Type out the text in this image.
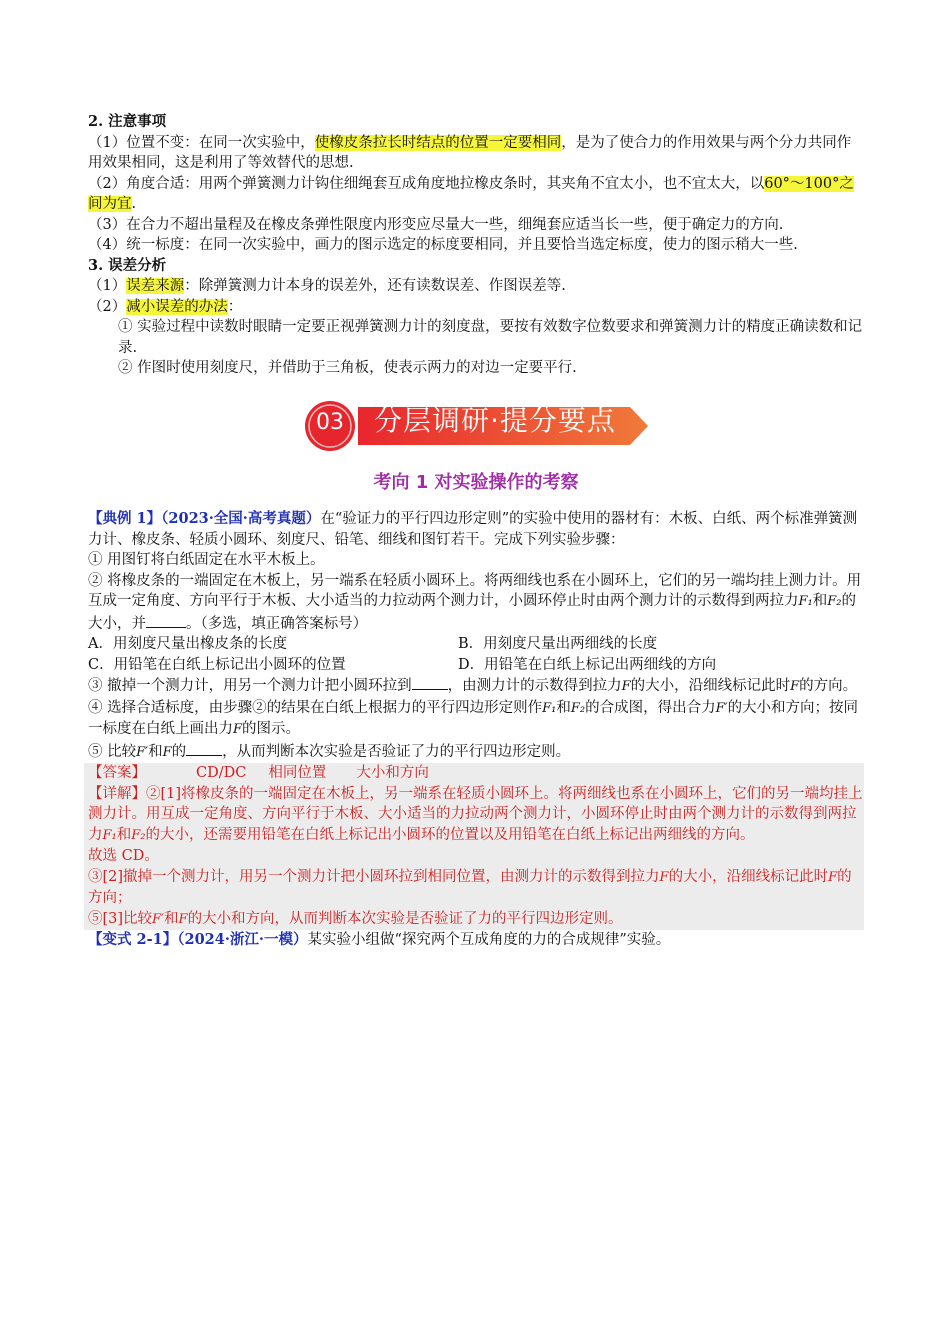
2. 注意事项

（1）位置不变：在同一次实验中，使橡皮条拉长时结点的位置一定要相同，是为了使合力的作用效果与两个分力共同作用效果相同，这是利用了等效替代的思想.

（2）角度合适：用两个弹簧测力计钩住细绳套互成角度地拉橡皮条时，其夹角不宜太小，也不宜太大，以60°～100°之间为宜.

（3）在合力不超出量程及在橡皮条弹性限度内形变应尽量大一些，细绳套应适当长一些，便于确定力的方向.

（4）统一标度：在同一次实验中，画力的图示选定的标度要相同，并且要恰当选定标度，使力的图示稍大一些.

3. 误差分析

（1）误差来源：除弹簧测力计本身的误差外，还有读数误差、作图误差等.

（2）减小误差的办法：

① 实验过程中读数时眼睛一定要正视弹簧测力计的刻度盘，要按有效数字位数要求和弹簧测力计的精度正确读数和记录.

② 作图时使用刻度尺，并借助于三角板，使表示两力的对边一定要平行.

03 分层调研·提分要点
考向 1 对实验操作的考察

【典例 1】（2023·全国·高考真题）在“验证力的平行四边形定则”的实验中使用的器材有：木板、白纸、两个标准弹簧测力计、橡皮条、轻质小圆环、刻度尺、铅笔、细线和图钉若干。完成下列实验步骤：

① 用图钉将白纸固定在水平木板上。

② 将橡皮条的一端固定在木板上，另一端系在轻质小圆环上。将两细线也系在小圆环上，它们的另一端均挂上测力计。用互成一定角度、方向平行于木板、大小适当的力拉动两个测力计，小圆环停止时由两个测力计的示数得到两拉力F₁和F₂的大小，并	。（多选，填正确答案标号）

A．用刻度尺量出橡皮条的长度	B．用刻度尺量出两细线的长度
C．用铅笔在白纸上标记出小圆环的位置	D．用铅笔在白纸上标记出两细线的方向

③ 撤掉一个测力计，用另一个测力计把小圆环拉到 ，由测力计的示数得到拉力F的大小，沿细线标记此时F的方向。

④ 选择合适标度，由步骤②的结果在白纸上根据力的平行四边形定则作F₁和F₂的合成图，得出合力F′的大小和方向；按同一标度在白纸上画出力F的图示。

⑤ 比较F′和F的 ，从而判断本次实验是否验证了力的平行四边形定则。

【答案】	CD/DC 相同位置 大小和方向

【详解】②[1]将橡皮条的一端固定在木板上，另一端系在轻质小圆环上。将两细线也系在小圆环上，它们的另一端均挂上测力计。用互成一定角度、方向平行于木板、大小适当的力拉动两个测力计，小圆环停止时由两个测力计的示数得到两拉力F₁和F₂的大小，还需要用铅笔在白纸上标记出小圆环的位置以及用铅笔在白纸上标记出两细线的方向。

故选 CD。

③[2]撤掉一个测力计，用另一个测力计把小圆环拉到相同位置，由测力计的示数得到拉力F的大小，沿细线标记此时F的方向；

⑤[3]比较F′和F的大小和方向，从而判断本次实验是否验证了力的平行四边形定则。

【变式 2-1】（2024·浙江·一模）某实验小组做“探究两个互成角度的力的合成规律”实验。
